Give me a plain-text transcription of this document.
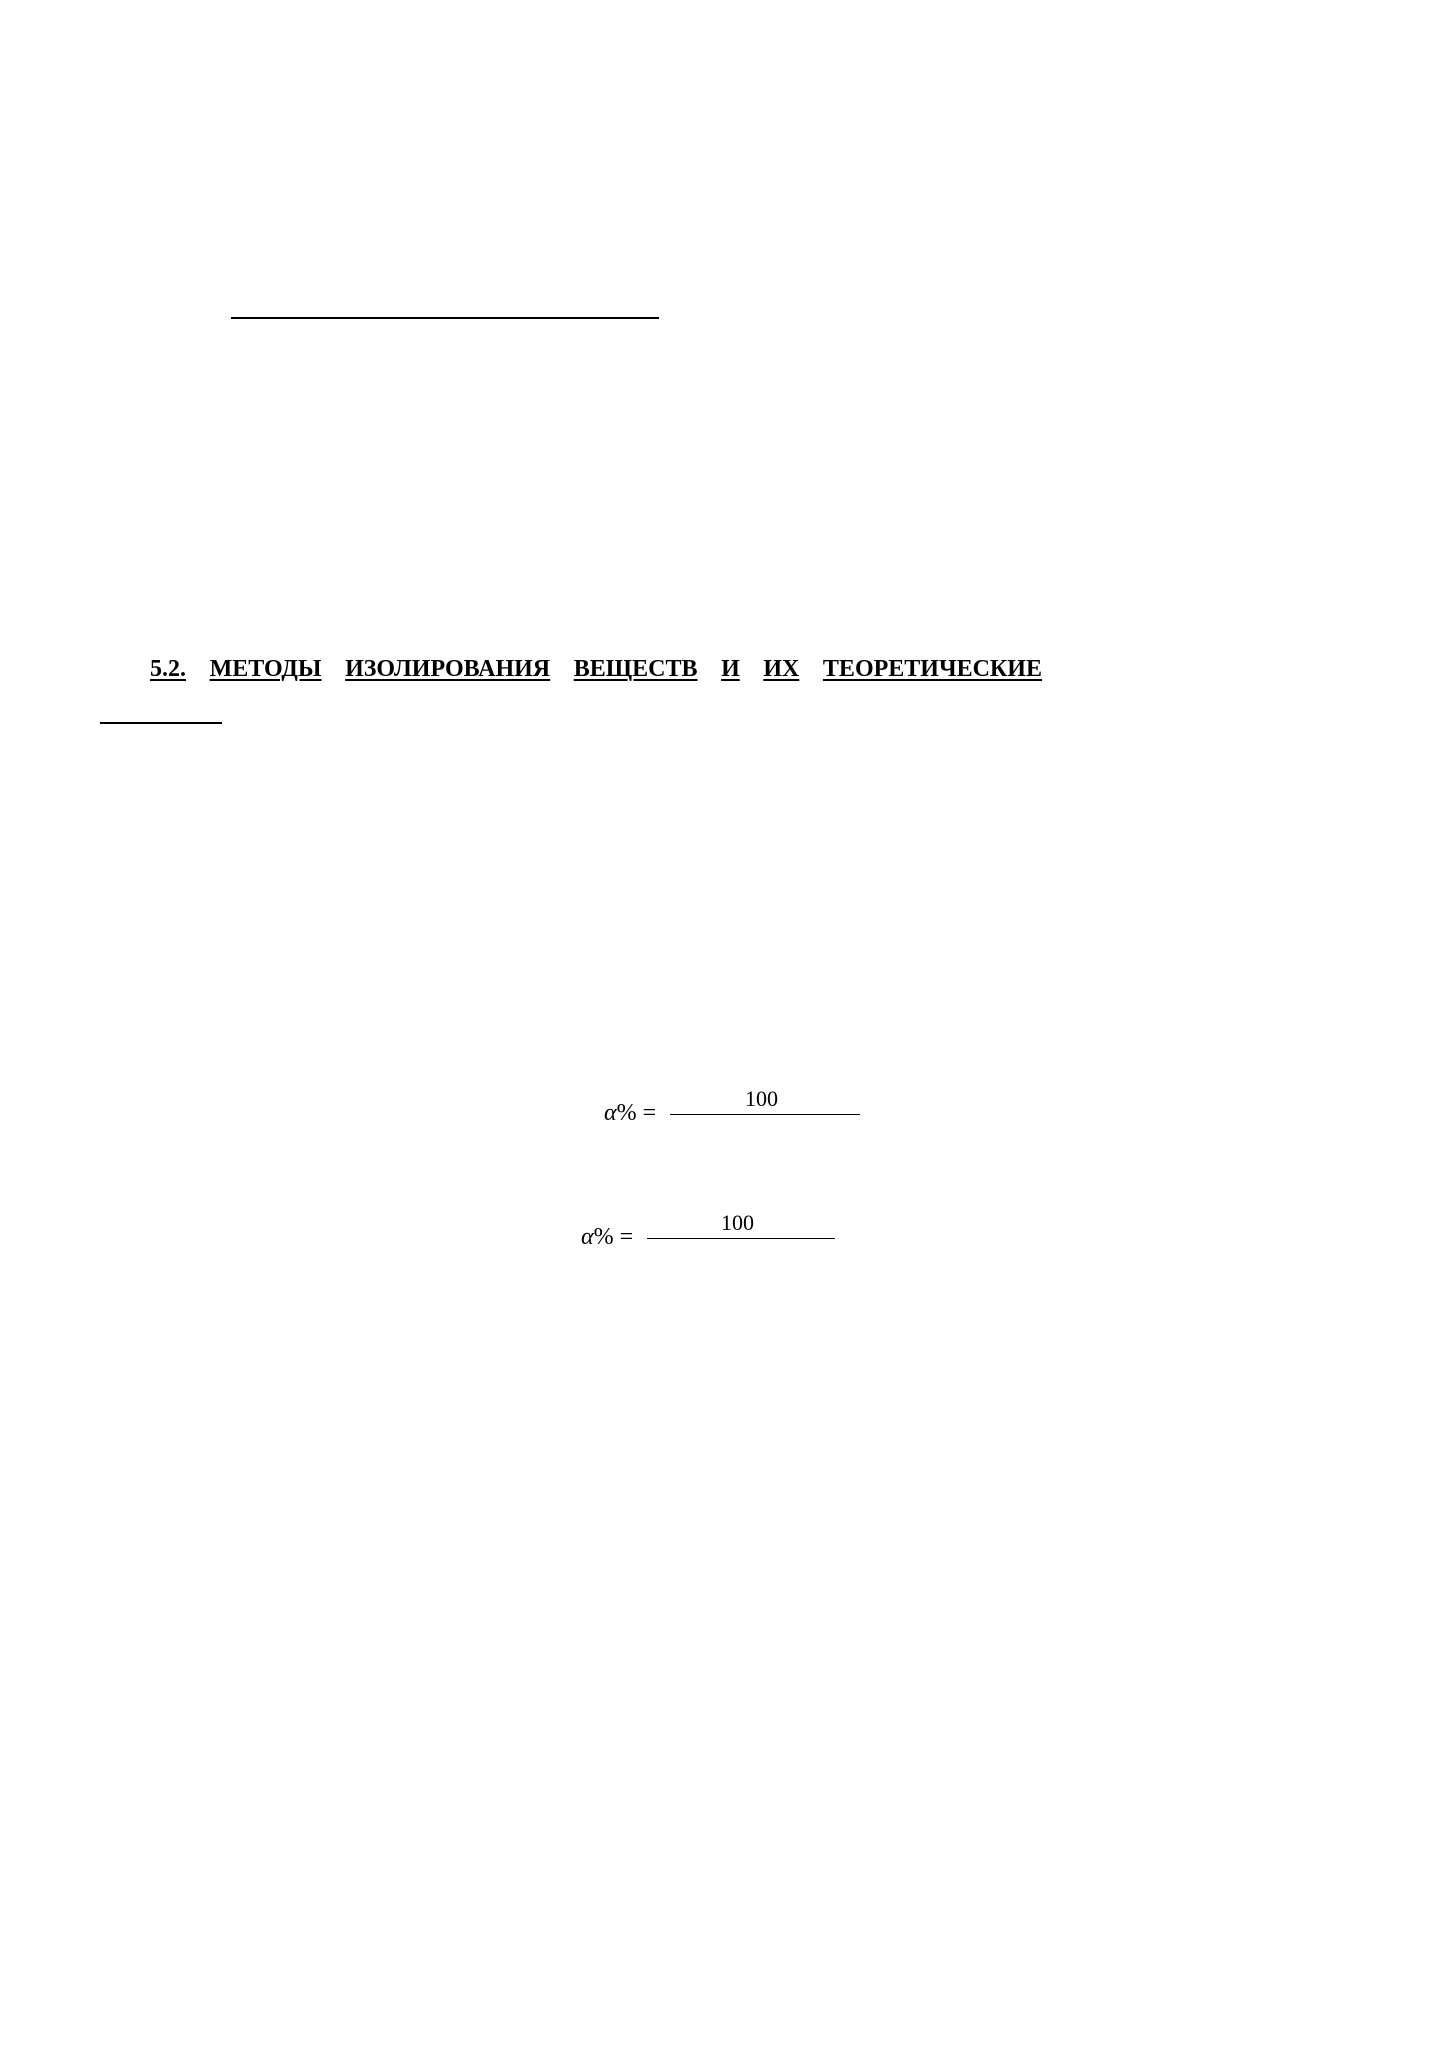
5.2. МЕТОДЫ ИЗОЛИРОВАНИЯ ВЕЩЕСТВ И ИХ ТЕОРЕТИЧЕСКИЕ
α% =
100
α% =
100
